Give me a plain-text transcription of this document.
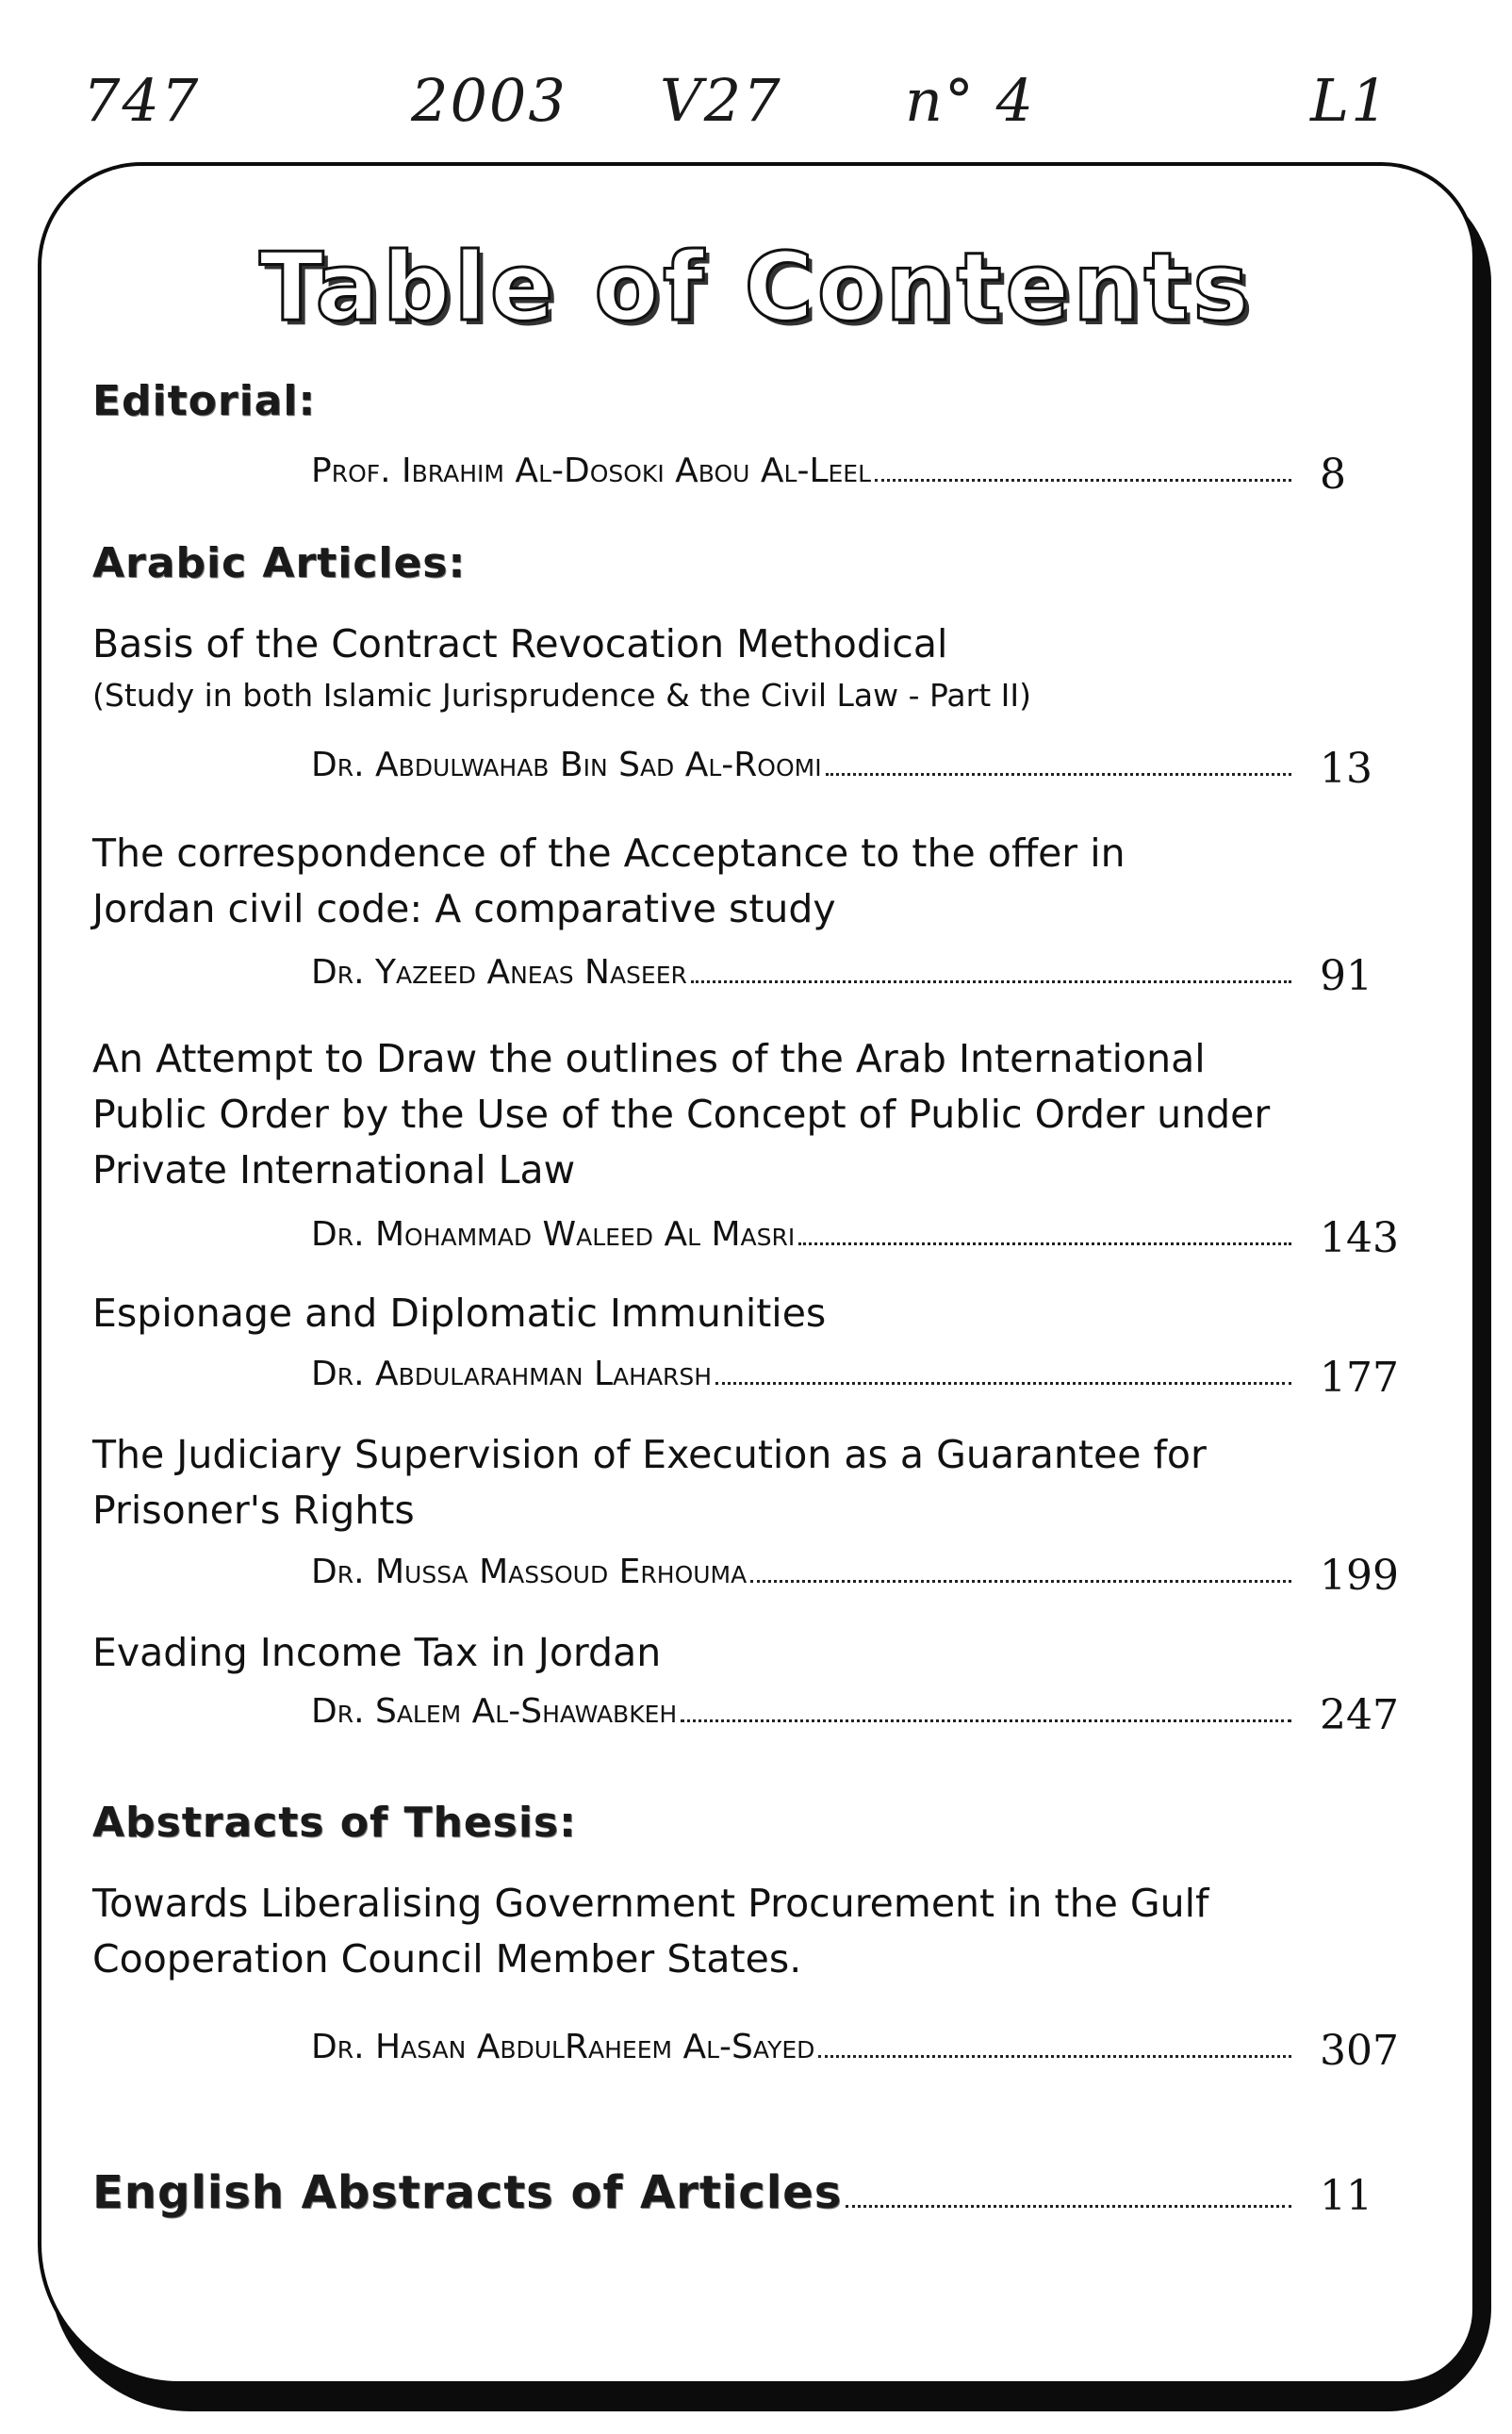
747	2003 V27 n° 4	L1
Table of Contents
Editorial:
Prof. Ibrahim Al-Dosoki Abou Al-Leel	8
Arabic Articles:
Basis of the Contract Revocation Methodical
(Study in both Islamic Jurisprudence & the Civil Law - Part II)
Dr. Abdulwahab Bin Sad Al-Roomi	13
The correspondence of the Acceptance to the offer in
Jordan civil code: A comparative study
Dr. Yazeed Aneas Naseer	91
An Attempt to Draw the outlines of the Arab International
Public Order by the Use of the Concept of Public Order under
Private International Law
Dr. Mohammad Waleed Al Masri	143
Espionage and Diplomatic Immunities
Dr. Abdularahman Laharsh	177
The Judiciary Supervision of Execution as a Guarantee for
Prisoner's Rights
Dr. Mussa Massoud Erhouma	199
Evading Income Tax in Jordan
Dr. Salem Al-Shawabkeh	247
Abstracts of Thesis:
Towards Liberalising Government Procurement in the Gulf
Cooperation Council Member States.
Dr. Hasan AbdulRaheem Al-Sayed	307
English Abstracts of Articles	11
